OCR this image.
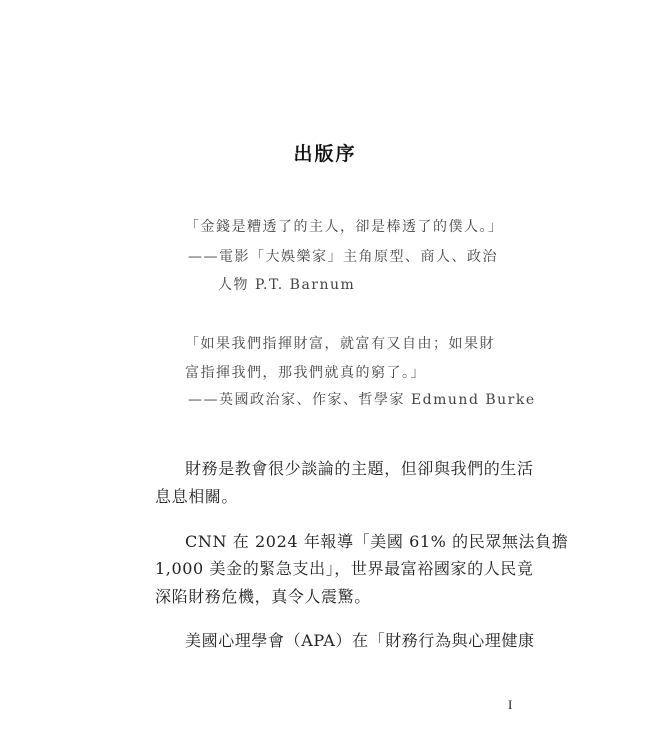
出版序
「金錢是糟透了的主人，卻是棒透了的僕人。」
——電影「大娛樂家」主角原型、商人、政治
人物 P.T. Barnum
「如果我們指揮財富，就富有又自由；如果財
富指揮我們，那我們就真的窮了。」
——英國政治家、作家、哲學家 Edmund Burke
財務是教會很少談論的主題，但卻與我們的生活
息息相關。
CNN 在 2024 年報導「美國 61% 的民眾無法負擔
1,000 美金的緊急支出」，世界最富裕國家的人民竟
深陷財務危機，真令人震驚。
美國心理學會（APA）在「財務行為與心理健康
I
